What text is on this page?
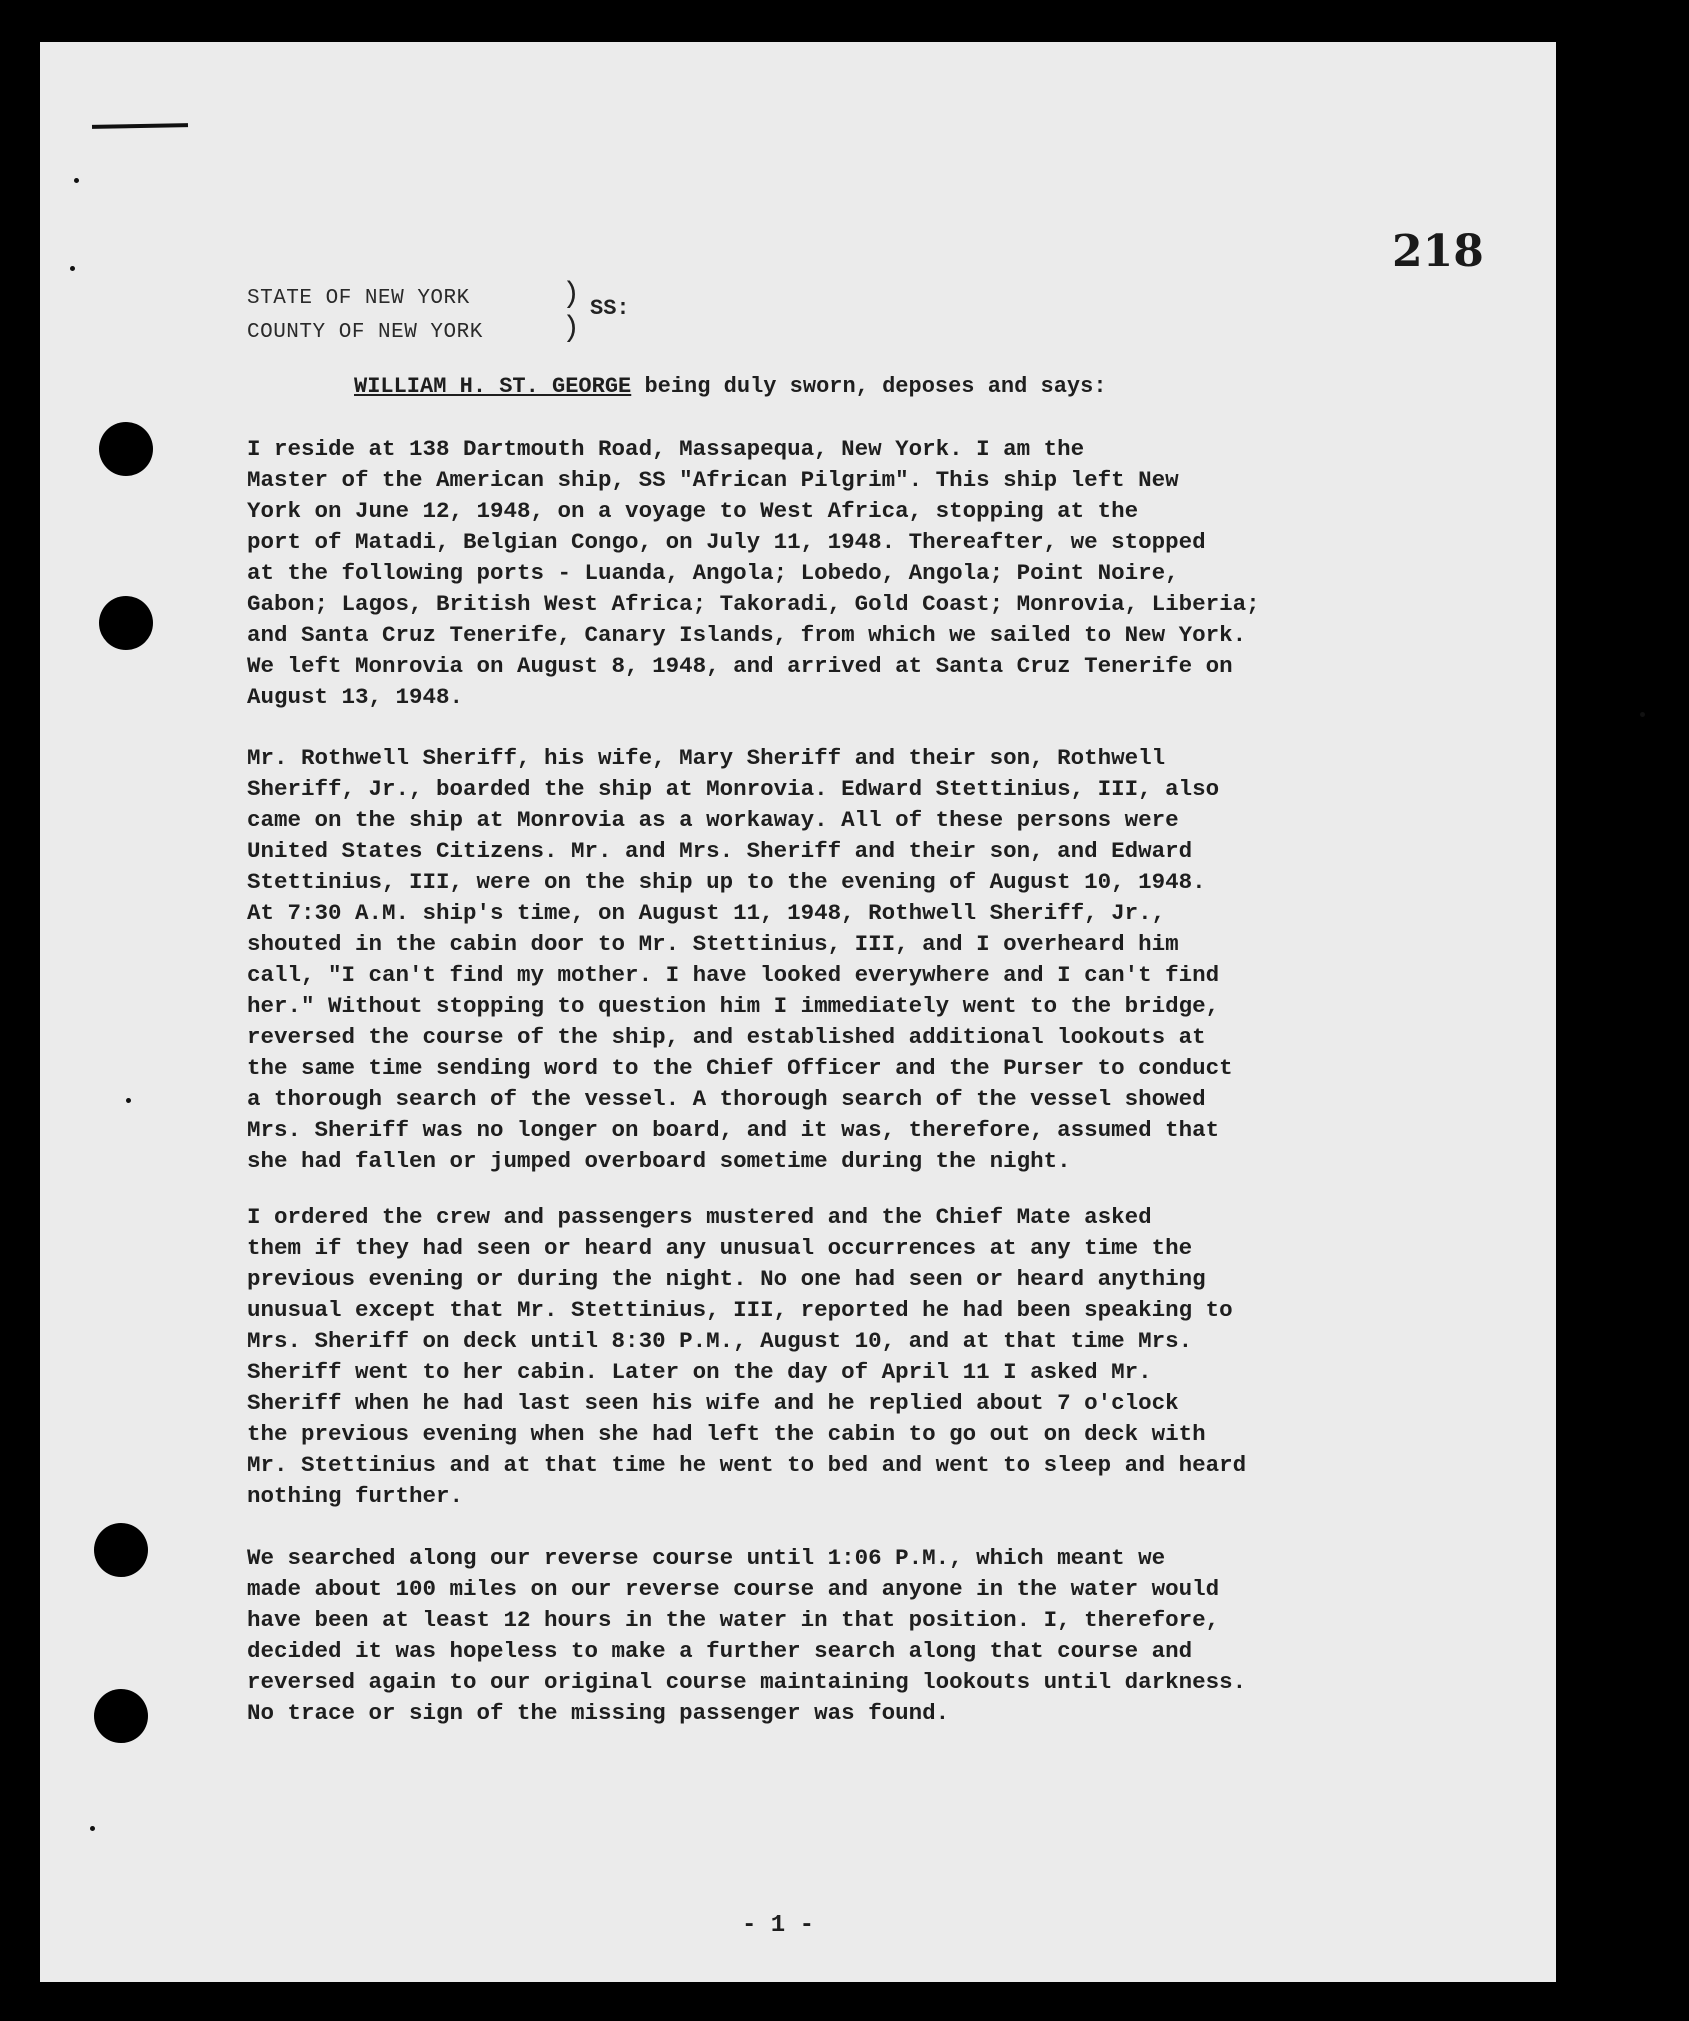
218
STATE OF NEW YORK
COUNTY OF NEW YORK
)
)
SS:
WILLIAM H. ST. GEORGE being duly sworn, deposes and says:

I reside at 138 Dartmouth Road, Massapequa, New York. I am the
Master of the American ship, SS "African Pilgrim". This ship left New
York on June 12, 1948, on a voyage to West Africa, stopping at the
port of Matadi, Belgian Congo, on July 11, 1948. Thereafter, we stopped
at the following ports - Luanda, Angola; Lobedo, Angola; Point Noire,
Gabon; Lagos, British West Africa; Takoradi, Gold Coast; Monrovia, Liberia;
and Santa Cruz Tenerife, Canary Islands, from which we sailed to New York.
We left Monrovia on August 8, 1948, and arrived at Santa Cruz Tenerife on
August 13, 1948.

Mr. Rothwell Sheriff, his wife, Mary Sheriff and their son, Rothwell
Sheriff, Jr., boarded the ship at Monrovia. Edward Stettinius, III, also
came on the ship at Monrovia as a workaway. All of these persons were
United States Citizens. Mr. and Mrs. Sheriff and their son, and Edward
Stettinius, III, were on the ship up to the evening of August 10, 1948.
At 7:30 A.M. ship's time, on August 11, 1948, Rothwell Sheriff, Jr.,
shouted in the cabin door to Mr. Stettinius, III, and I overheard him
call, "I can't find my mother. I have looked everywhere and I can't find
her." Without stopping to question him I immediately went to the bridge,
reversed the course of the ship, and established additional lookouts at
the same time sending word to the Chief Officer and the Purser to conduct
a thorough search of the vessel. A thorough search of the vessel showed
Mrs. Sheriff was no longer on board, and it was, therefore, assumed that
she had fallen or jumped overboard sometime during the night.

I ordered the crew and passengers mustered and the Chief Mate asked
them if they had seen or heard any unusual occurrences at any time the
previous evening or during the night. No one had seen or heard anything
unusual except that Mr. Stettinius, III, reported he had been speaking to
Mrs. Sheriff on deck until 8:30 P.M., August 10, and at that time Mrs.
Sheriff went to her cabin. Later on the day of April 11 I asked Mr.
Sheriff when he had last seen his wife and he replied about 7 o'clock
the previous evening when she had left the cabin to go out on deck with
Mr. Stettinius and at that time he went to bed and went to sleep and heard
nothing further.

We searched along our reverse course until 1:06 P.M., which meant we
made about 100 miles on our reverse course and anyone in the water would
have been at least 12 hours in the water in that position. I, therefore,
decided it was hopeless to make a further search along that course and
reversed again to our original course maintaining lookouts until darkness.
No trace or sign of the missing passenger was found.

- 1 -
